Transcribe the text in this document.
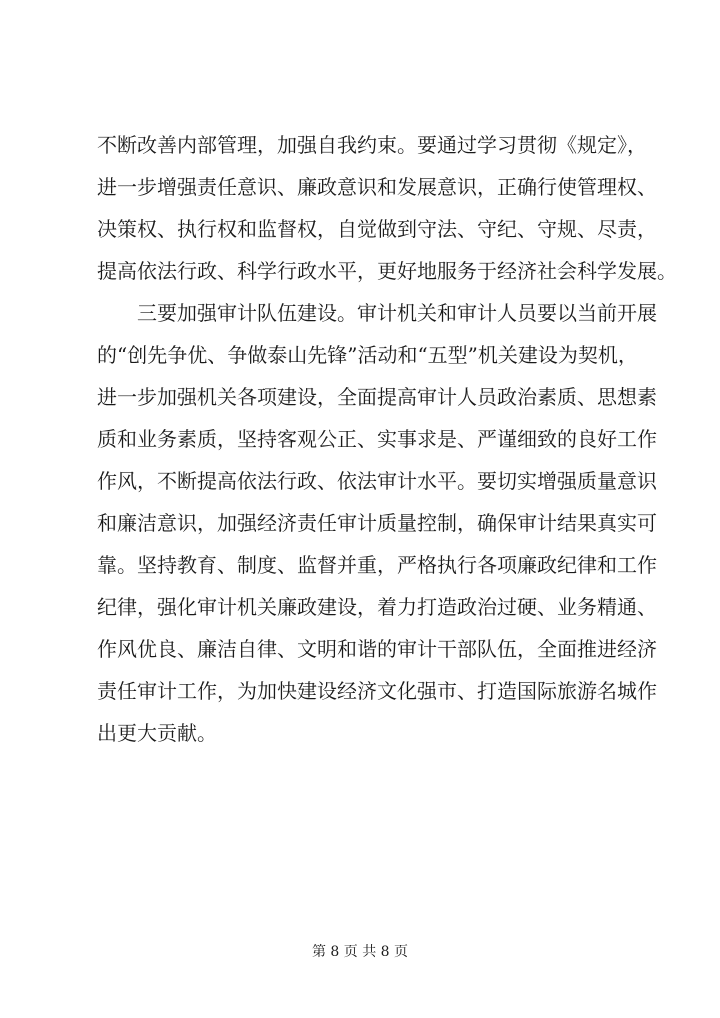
不断改善内部管理，加强自我约束。要通过学习贯彻《规定》，
进一步增强责任意识、廉政意识和发展意识，正确行使管理权、
决策权、执行权和监督权，自觉做到守法、守纪、守规、尽责，
提高依法行政、科学行政水平，更好地服务于经济社会科学发展。
三要加强审计队伍建设。审计机关和审计人员要以当前开展
的“创先争优、争做泰山先锋”活动和“五型”机关建设为契机，
进一步加强机关各项建设，全面提高审计人员政治素质、思想素
质和业务素质，坚持客观公正、实事求是、严谨细致的良好工作
作风，不断提高依法行政、依法审计水平。要切实增强质量意识
和廉洁意识，加强经济责任审计质量控制，确保审计结果真实可
靠。坚持教育、制度、监督并重，严格执行各项廉政纪律和工作
纪律，强化审计机关廉政建设，着力打造政治过硬、业务精通、
作风优良、廉洁自律、文明和谐的审计干部队伍，全面推进经济
责任审计工作，为加快建设经济文化强市、打造国际旅游名城作
出更大贡献。
第 8 页 共 8 页
